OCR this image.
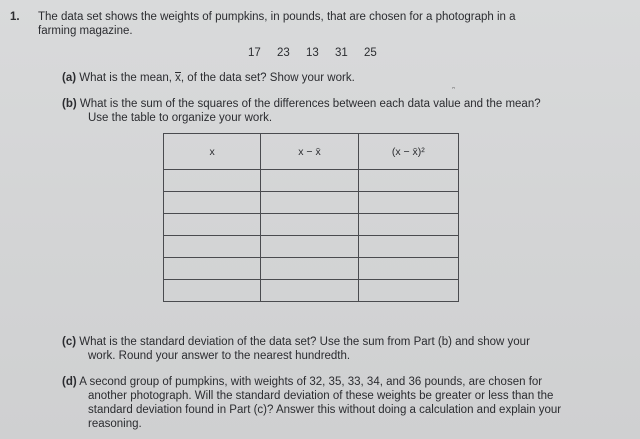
1. The data set shows the weights of pumpkins, in pounds, that are chosen for a photograph in a
farming magazine.
17 23 13 31 25
(a) What is the mean, x, of the data set? Show your work.
ᵔ
(b) What is the sum of the squares of the differences between each data value and the mean?
Use the table to organize your work.
x	x − x̄	(x − x̄)²

(c) What is the standard deviation of the data set? Use the sum from Part (b) and show your
work. Round your answer to the nearest hundredth.
(d) A second group of pumpkins, with weights of 32, 35, 33, 34, and 36 pounds, are chosen for
another photograph. Will the standard deviation of these weights be greater or less than the
standard deviation found in Part (c)? Answer this without doing a calculation and explain your
reasoning.
